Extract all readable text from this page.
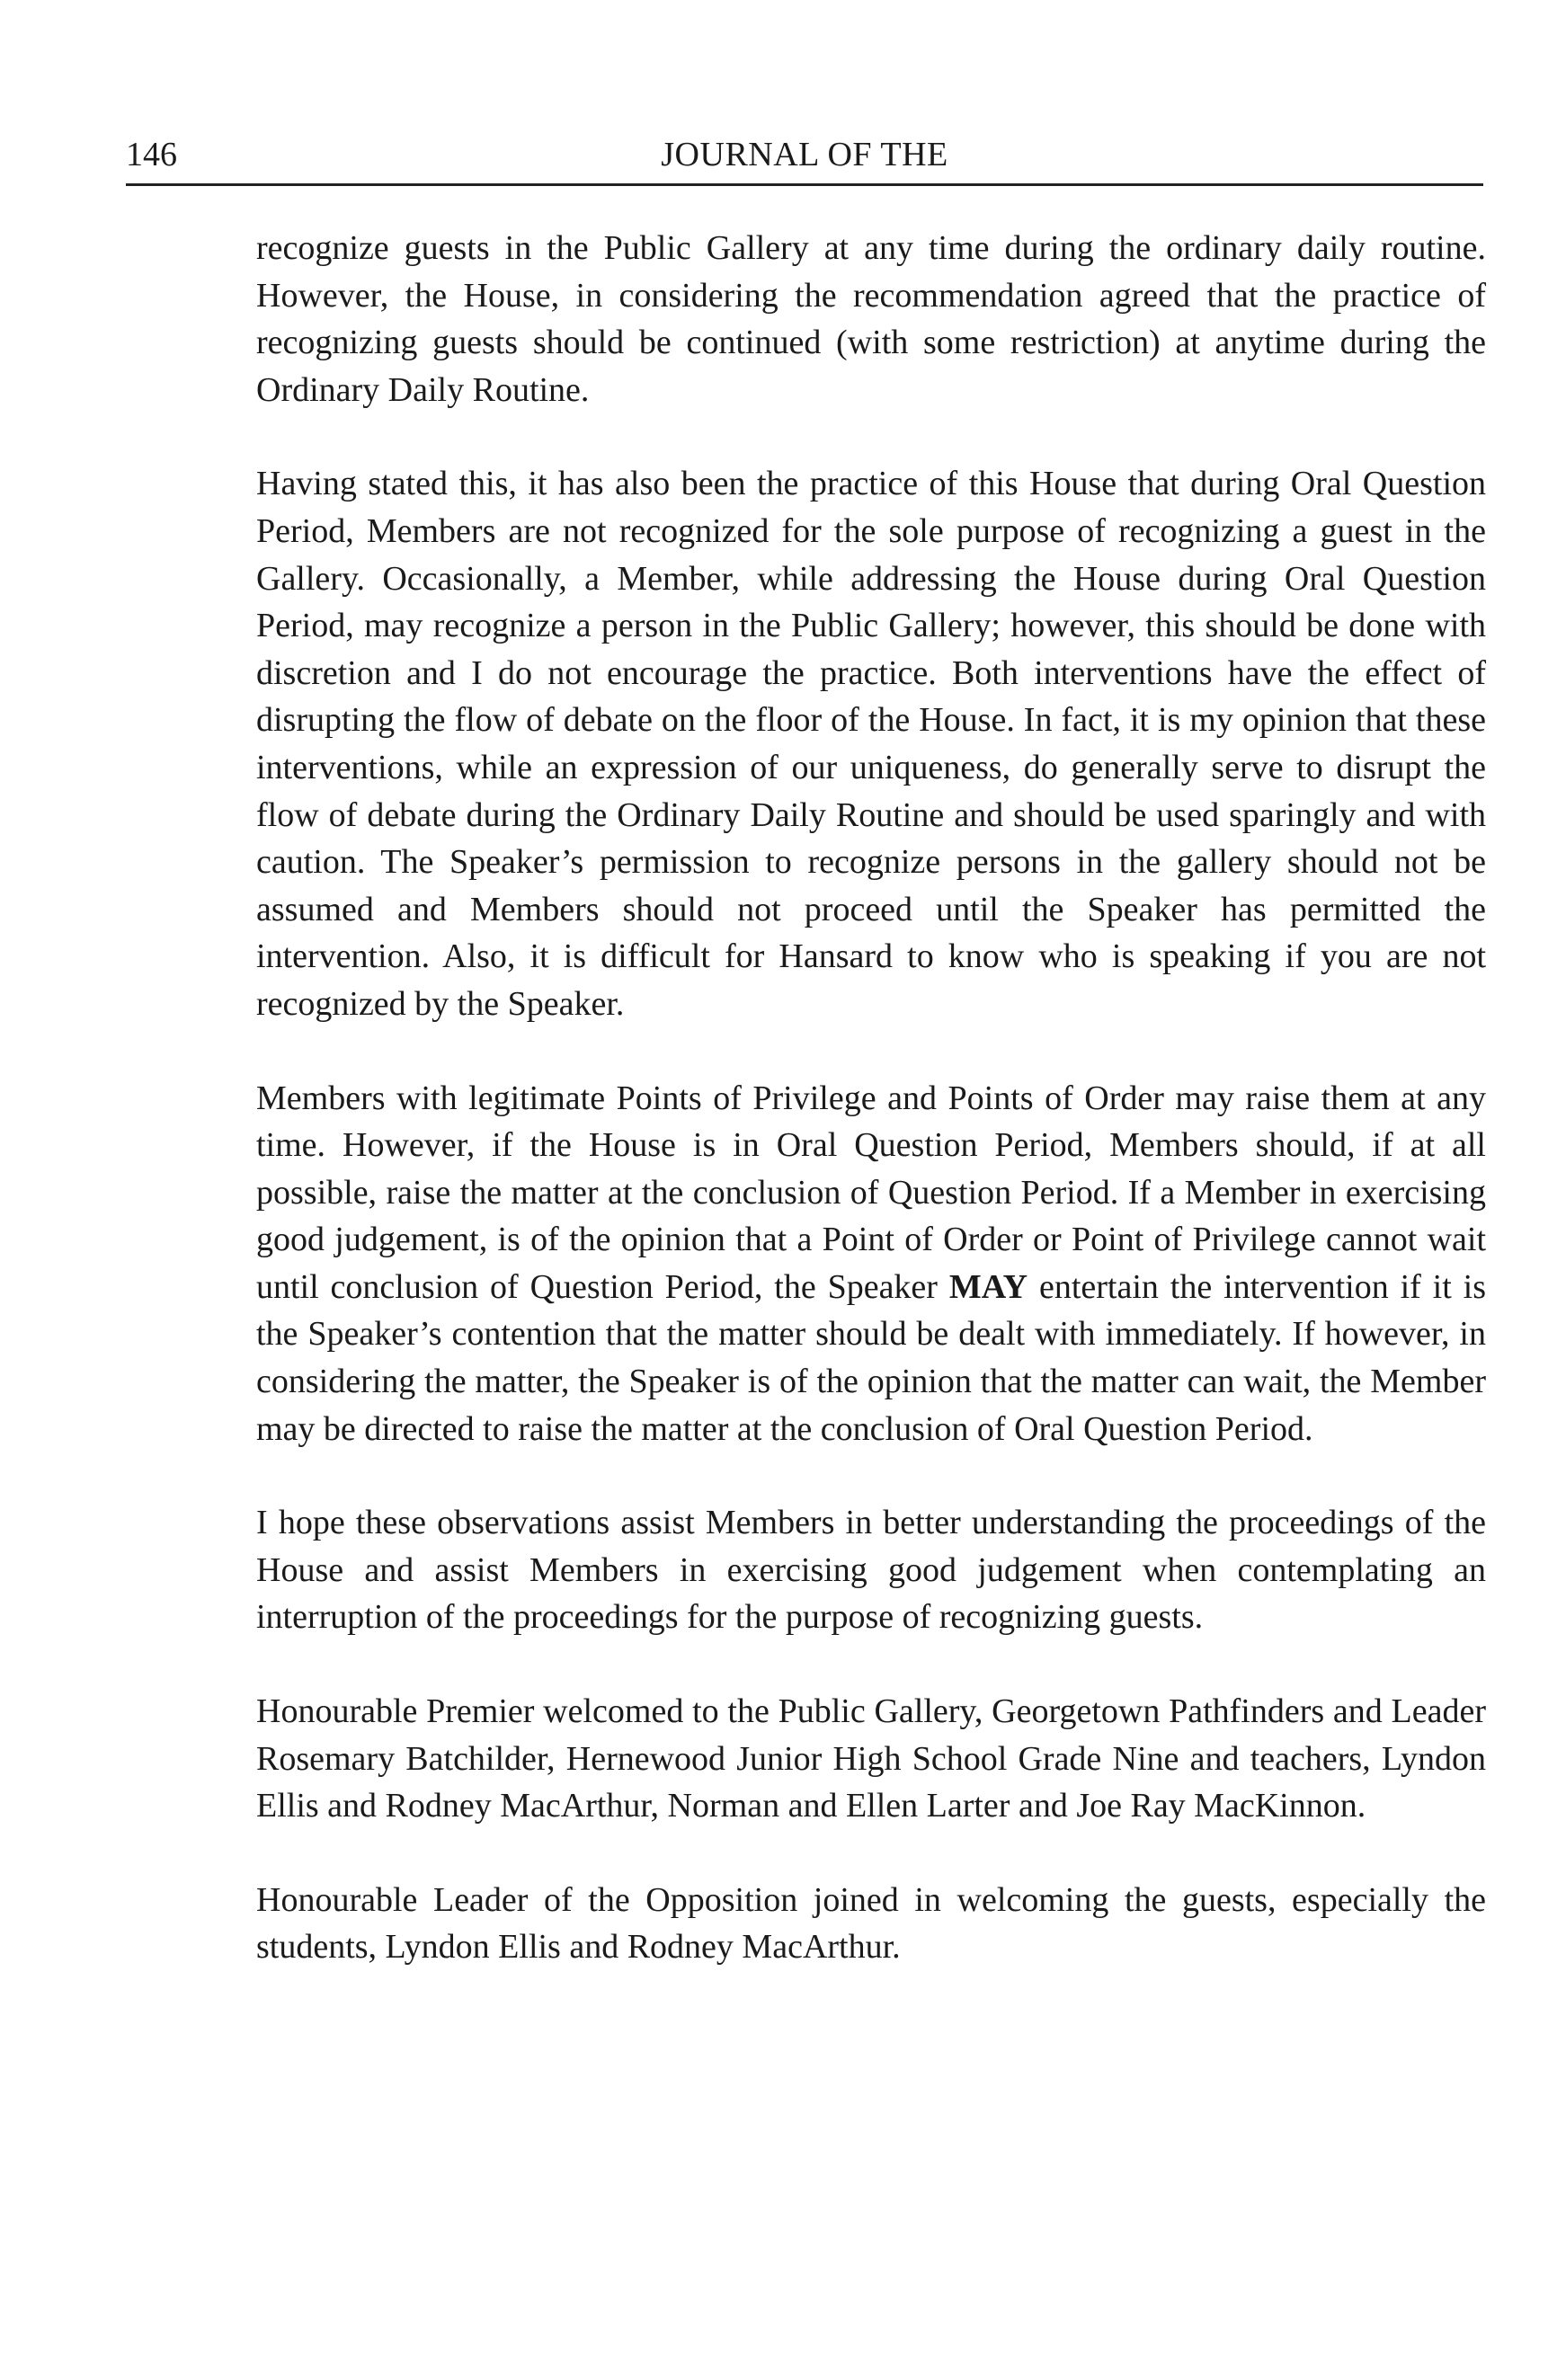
146	JOURNAL OF THE

recognize guests in the Public Gallery at any time during the ordinary daily routine. However, the House, in considering the recommendation agreed that the practice of recognizing guests should be continued (with some restriction) at anytime during the Ordinary Daily Routine.

Having stated this, it has also been the practice of this House that during Oral Question Period, Members are not recognized for the sole purpose of recognizing a guest in the Gallery. Occasionally, a Member, while addressing the House during Oral Question Period, may recognize a person in the Public Gallery; however, this should be done with discretion and I do not encourage the practice. Both interventions have the effect of disrupting the flow of debate on the floor of the House. In fact, it is my opinion that these interventions, while an expression of our uniqueness, do generally serve to disrupt the flow of debate during the Ordinary Daily Routine and should be used sparingly and with caution. The Speaker’s permission to recognize persons in the gallery should not be assumed and Members should not proceed until the Speaker has permitted the intervention. Also, it is difficult for Hansard to know who is speaking if you are not recognized by the Speaker.

Members with legitimate Points of Privilege and Points of Order may raise them at any time. However, if the House is in Oral Question Period, Members should, if at all possible, raise the matter at the conclusion of Question Period. If a Member in exercising good judgement, is of the opinion that a Point of Order or Point of Privilege cannot wait until conclusion of Question Period, the Speaker MAY entertain the intervention if it is the Speaker’s contention that the matter should be dealt with immediately. If however, in considering the matter, the Speaker is of the opinion that the matter can wait, the Member may be directed to raise the matter at the conclusion of Oral Question Period.

I hope these observations assist Members in better understanding the proceedings of the House and assist Members in exercising good judgement when contemplating an interruption of the proceedings for the purpose of recognizing guests.

Honourable Premier welcomed to the Public Gallery, Georgetown Pathfinders and Leader Rosemary Batchilder, Hernewood Junior High School Grade Nine and teachers, Lyndon Ellis and Rodney MacArthur, Norman and Ellen Larter and Joe Ray MacKinnon.

Honourable Leader of the Opposition joined in welcoming the guests, especially the students, Lyndon Ellis and Rodney MacArthur.
